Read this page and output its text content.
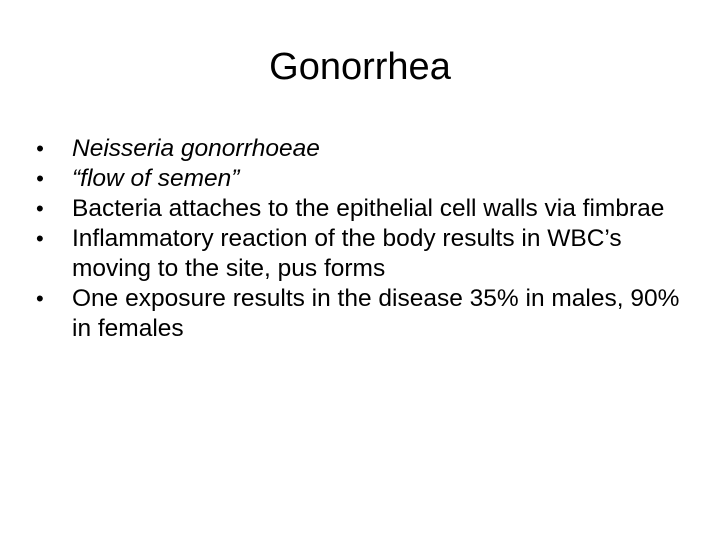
Gonorrhea
•	Neisseria gonorrhoeae
•	“flow of semen”
•	Bacteria attaches to the epithelial cell walls via fimbrae
•	Inflammatory reaction of the body results in WBC’s moving to the site, pus forms
•	One exposure results in the disease 35% in males, 90% in females
